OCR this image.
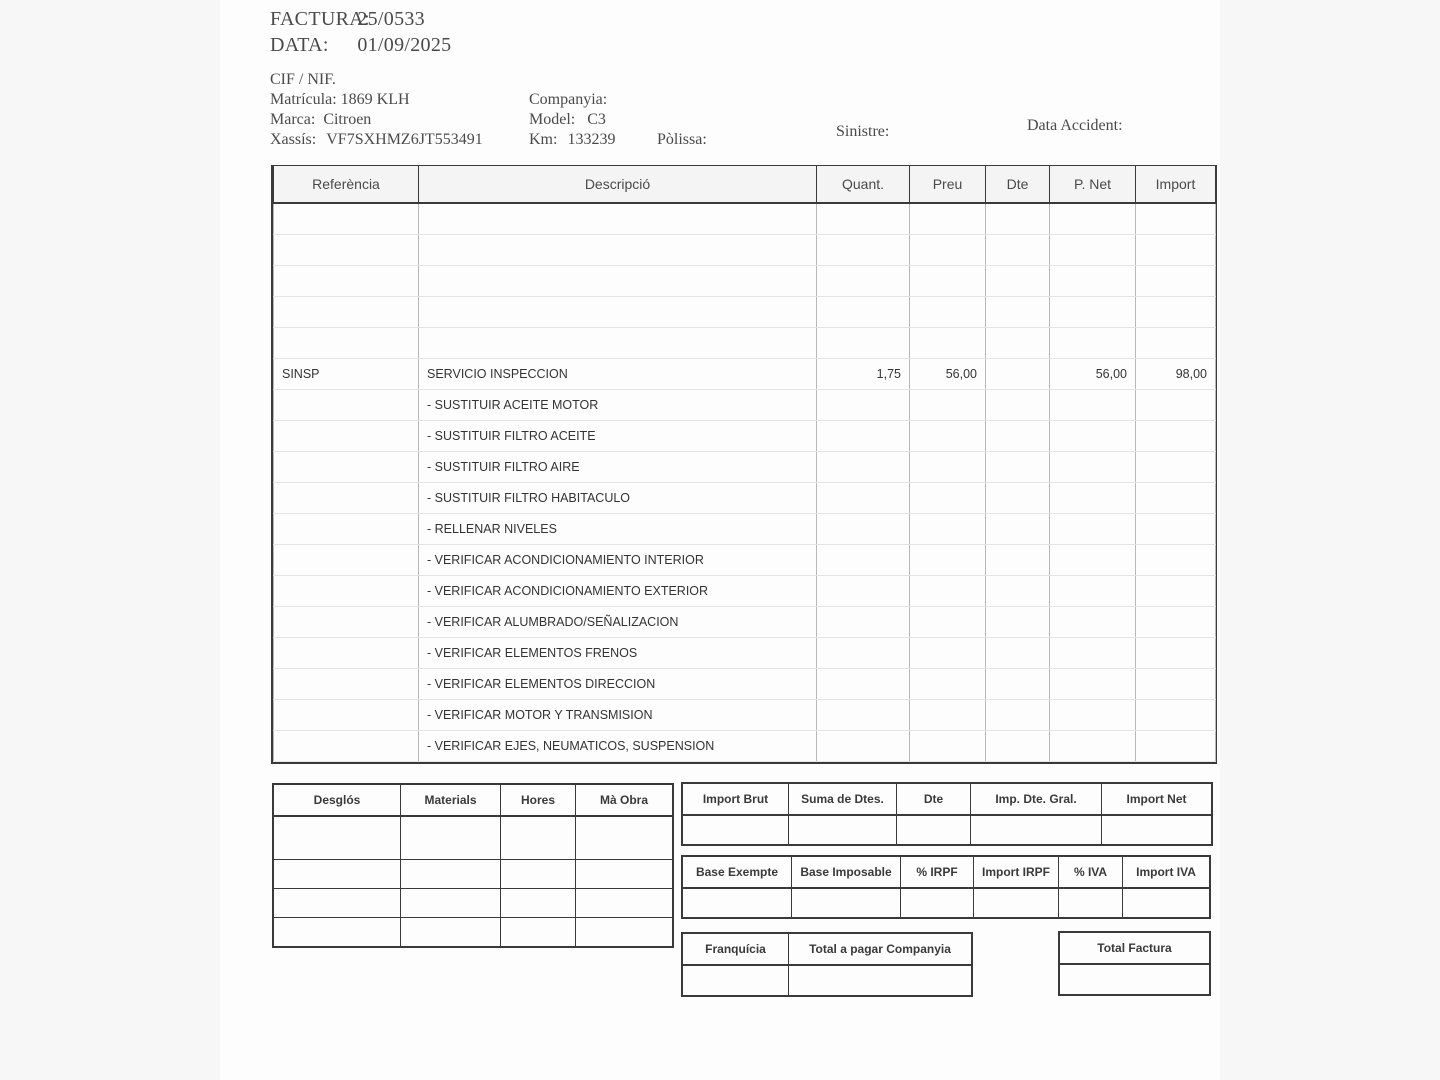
FACTURA: 25/0533
DATA: 01/09/2025
CIF / NIF.
Matrícula: 1869 KLH
Marca: Citroen
Xassís: VF7SXHMZ6JT553491
Companyia:
Model: C3
Km: 133239	Pòlissa:	Sinistre:	Data Accident:
Referència	Descripció	Quant.	Preu	Dte	P. Net	Import

SINSP	SERVICIO INSPECCION	1,75	56,00		56,00	98,00
	- SUSTITUIR ACEITE MOTOR					
	- SUSTITUIR FILTRO ACEITE					
	- SUSTITUIR FILTRO AIRE					
	- SUSTITUIR FILTRO HABITACULO					
	- RELLENAR NIVELES					
	- VERIFICAR ACONDICIONAMIENTO INTERIOR					
	- VERIFICAR ACONDICIONAMIENTO EXTERIOR					
	- VERIFICAR ALUMBRADO/SEÑALIZACION					
	- VERIFICAR ELEMENTOS FRENOS					
	- VERIFICAR ELEMENTOS DIRECCION					
	- VERIFICAR MOTOR Y TRANSMISION					
	- VERIFICAR EJES, NEUMATICOS, SUSPENSION					
Desglós	Materials	Hores	Mà Obra

				Import Brut	Suma de Dtes.	Dte	Imp. Dte. Gral.	Import Net

Base Exempte	Base Imposable	% IRPF	Import IRPF	% IVA	Import IVA

Franquícia	Total a pagar Companyia
		Total Factura
